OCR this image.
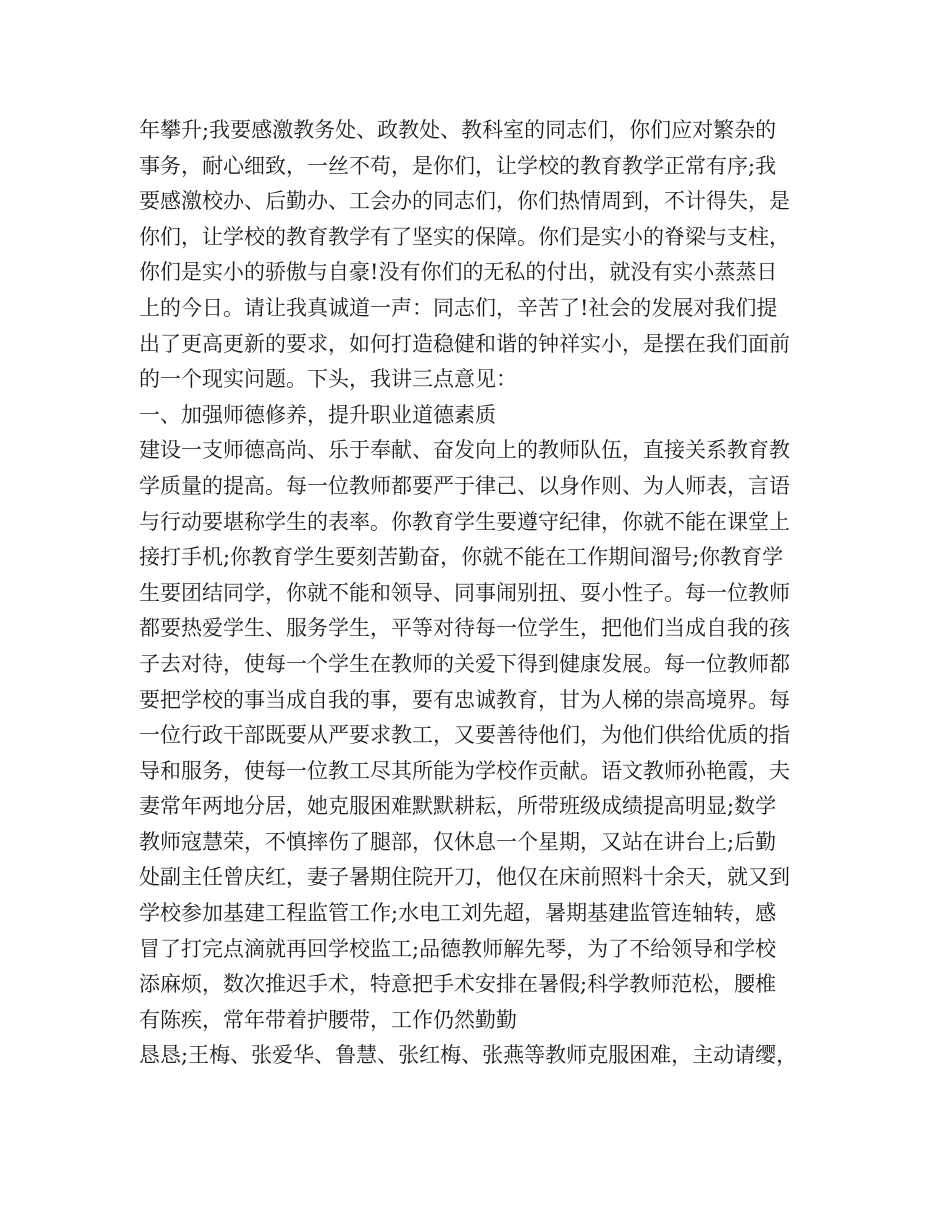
年攀升;我要感激教务处、政教处、教科室的同志们，你们应对繁杂的
事务，耐心细致，一丝不苟，是你们，让学校的教育教学正常有序;我
要感激校办、后勤办、工会办的同志们，你们热情周到，不计得失，是
你们，让学校的教育教学有了坚实的保障。你们是实小的脊梁与支柱，
你们是实小的骄傲与自豪!没有你们的无私的付出，就没有实小蒸蒸日
上的今日。请让我真诚道一声：同志们，辛苦了!社会的发展对我们提
出了更高更新的要求，如何打造稳健和谐的钟祥实小，是摆在我们面前
的一个现实问题。下头，我讲三点意见：
一、加强师德修养，提升职业道德素质
建设一支师德高尚、乐于奉献、奋发向上的教师队伍，直接关系教育教
学质量的提高。每一位教师都要严于律己、以身作则、为人师表，言语
与行动要堪称学生的表率。你教育学生要遵守纪律，你就不能在课堂上
接打手机;你教育学生要刻苦勤奋，你就不能在工作期间溜号;你教育学
生要团结同学，你就不能和领导、同事闹别扭、耍小性子。每一位教师
都要热爱学生、服务学生，平等对待每一位学生，把他们当成自我的孩
子去对待，使每一个学生在教师的关爱下得到健康发展。每一位教师都
要把学校的事当成自我的事，要有忠诚教育，甘为人梯的崇高境界。每
一位行政干部既要从严要求教工，又要善待他们，为他们供给优质的指
导和服务，使每一位教工尽其所能为学校作贡献。语文教师孙艳霞，夫
妻常年两地分居，她克服困难默默耕耘，所带班级成绩提高明显;数学
教师寇慧荣，不慎摔伤了腿部，仅休息一个星期，又站在讲台上;后勤
处副主任曾庆红，妻子暑期住院开刀，他仅在床前照料十余天，就又到
学校参加基建工程监管工作;水电工刘先超，暑期基建监管连轴转，感
冒了打完点滴就再回学校监工;品德教师解先琴，为了不给领导和学校
添麻烦，数次推迟手术，特意把手术安排在暑假;科学教师范松，腰椎
有陈疾，常年带着护腰带，工作仍然勤勤
恳恳;王梅、张爱华、鲁慧、张红梅、张燕等教师克服困难，主动请缨，
